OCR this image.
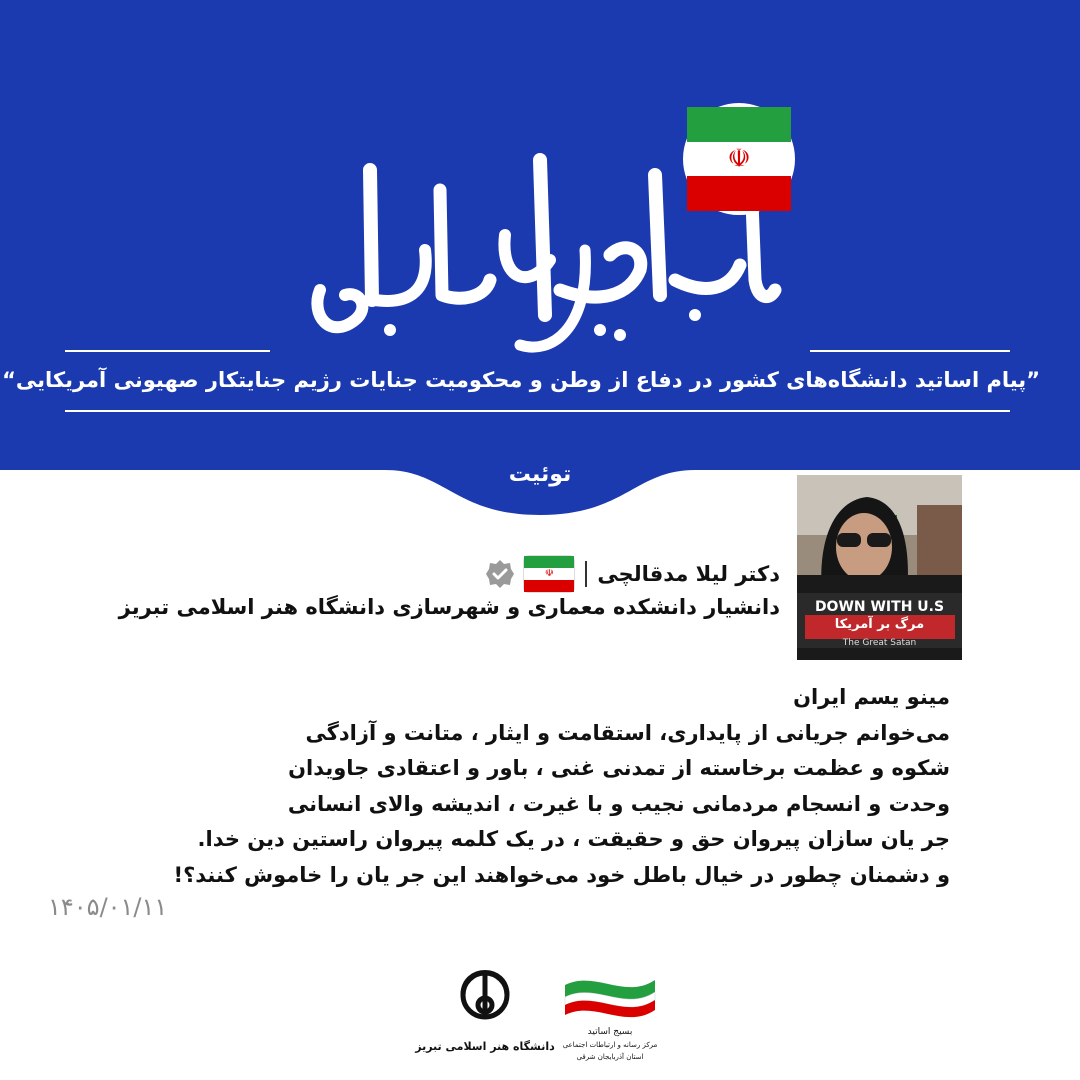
☫
”پیام اساتید دانشگاه‌های کشور در دفاع از وطن و محکومیت جنایات رژیم جنایتکار صهیونی آمریکایی“
توئیت
DOWN WITH U.S
مرگ بر آمریکا
The Great Satan
دکتر لیلا مدقالچی
☫
دانشیار دانشکده معماری و شهرسازی دانشگاه هنر اسلامی تبریز
مینو یسم ایران
می‌خوانم جریانی از پایداری، استقامت و ایثار ، متانت و آزادگی
شکوه و عظمت برخاسته از تمدنی غنی ، باور و اعتقادی جاویدان
وحدت و انسجام مردمانی نجیب و با غیرت ، اندیشه والای انسانی
جر یان سازان پیروان حق و حقیقت ، در یک کلمه پیروان راستین دین خدا.
و دشمنان چطور در خیال باطل خود می‌خواهند این جر یان را خاموش کنند؟!
۱۴۰۵/۰۱/۱۱
دانشگاه هنر اسلامی تبریز
بسیج اساتید
مرکز رسانه و ارتباطات اجتماعی
استان آذربایجان شرقی
